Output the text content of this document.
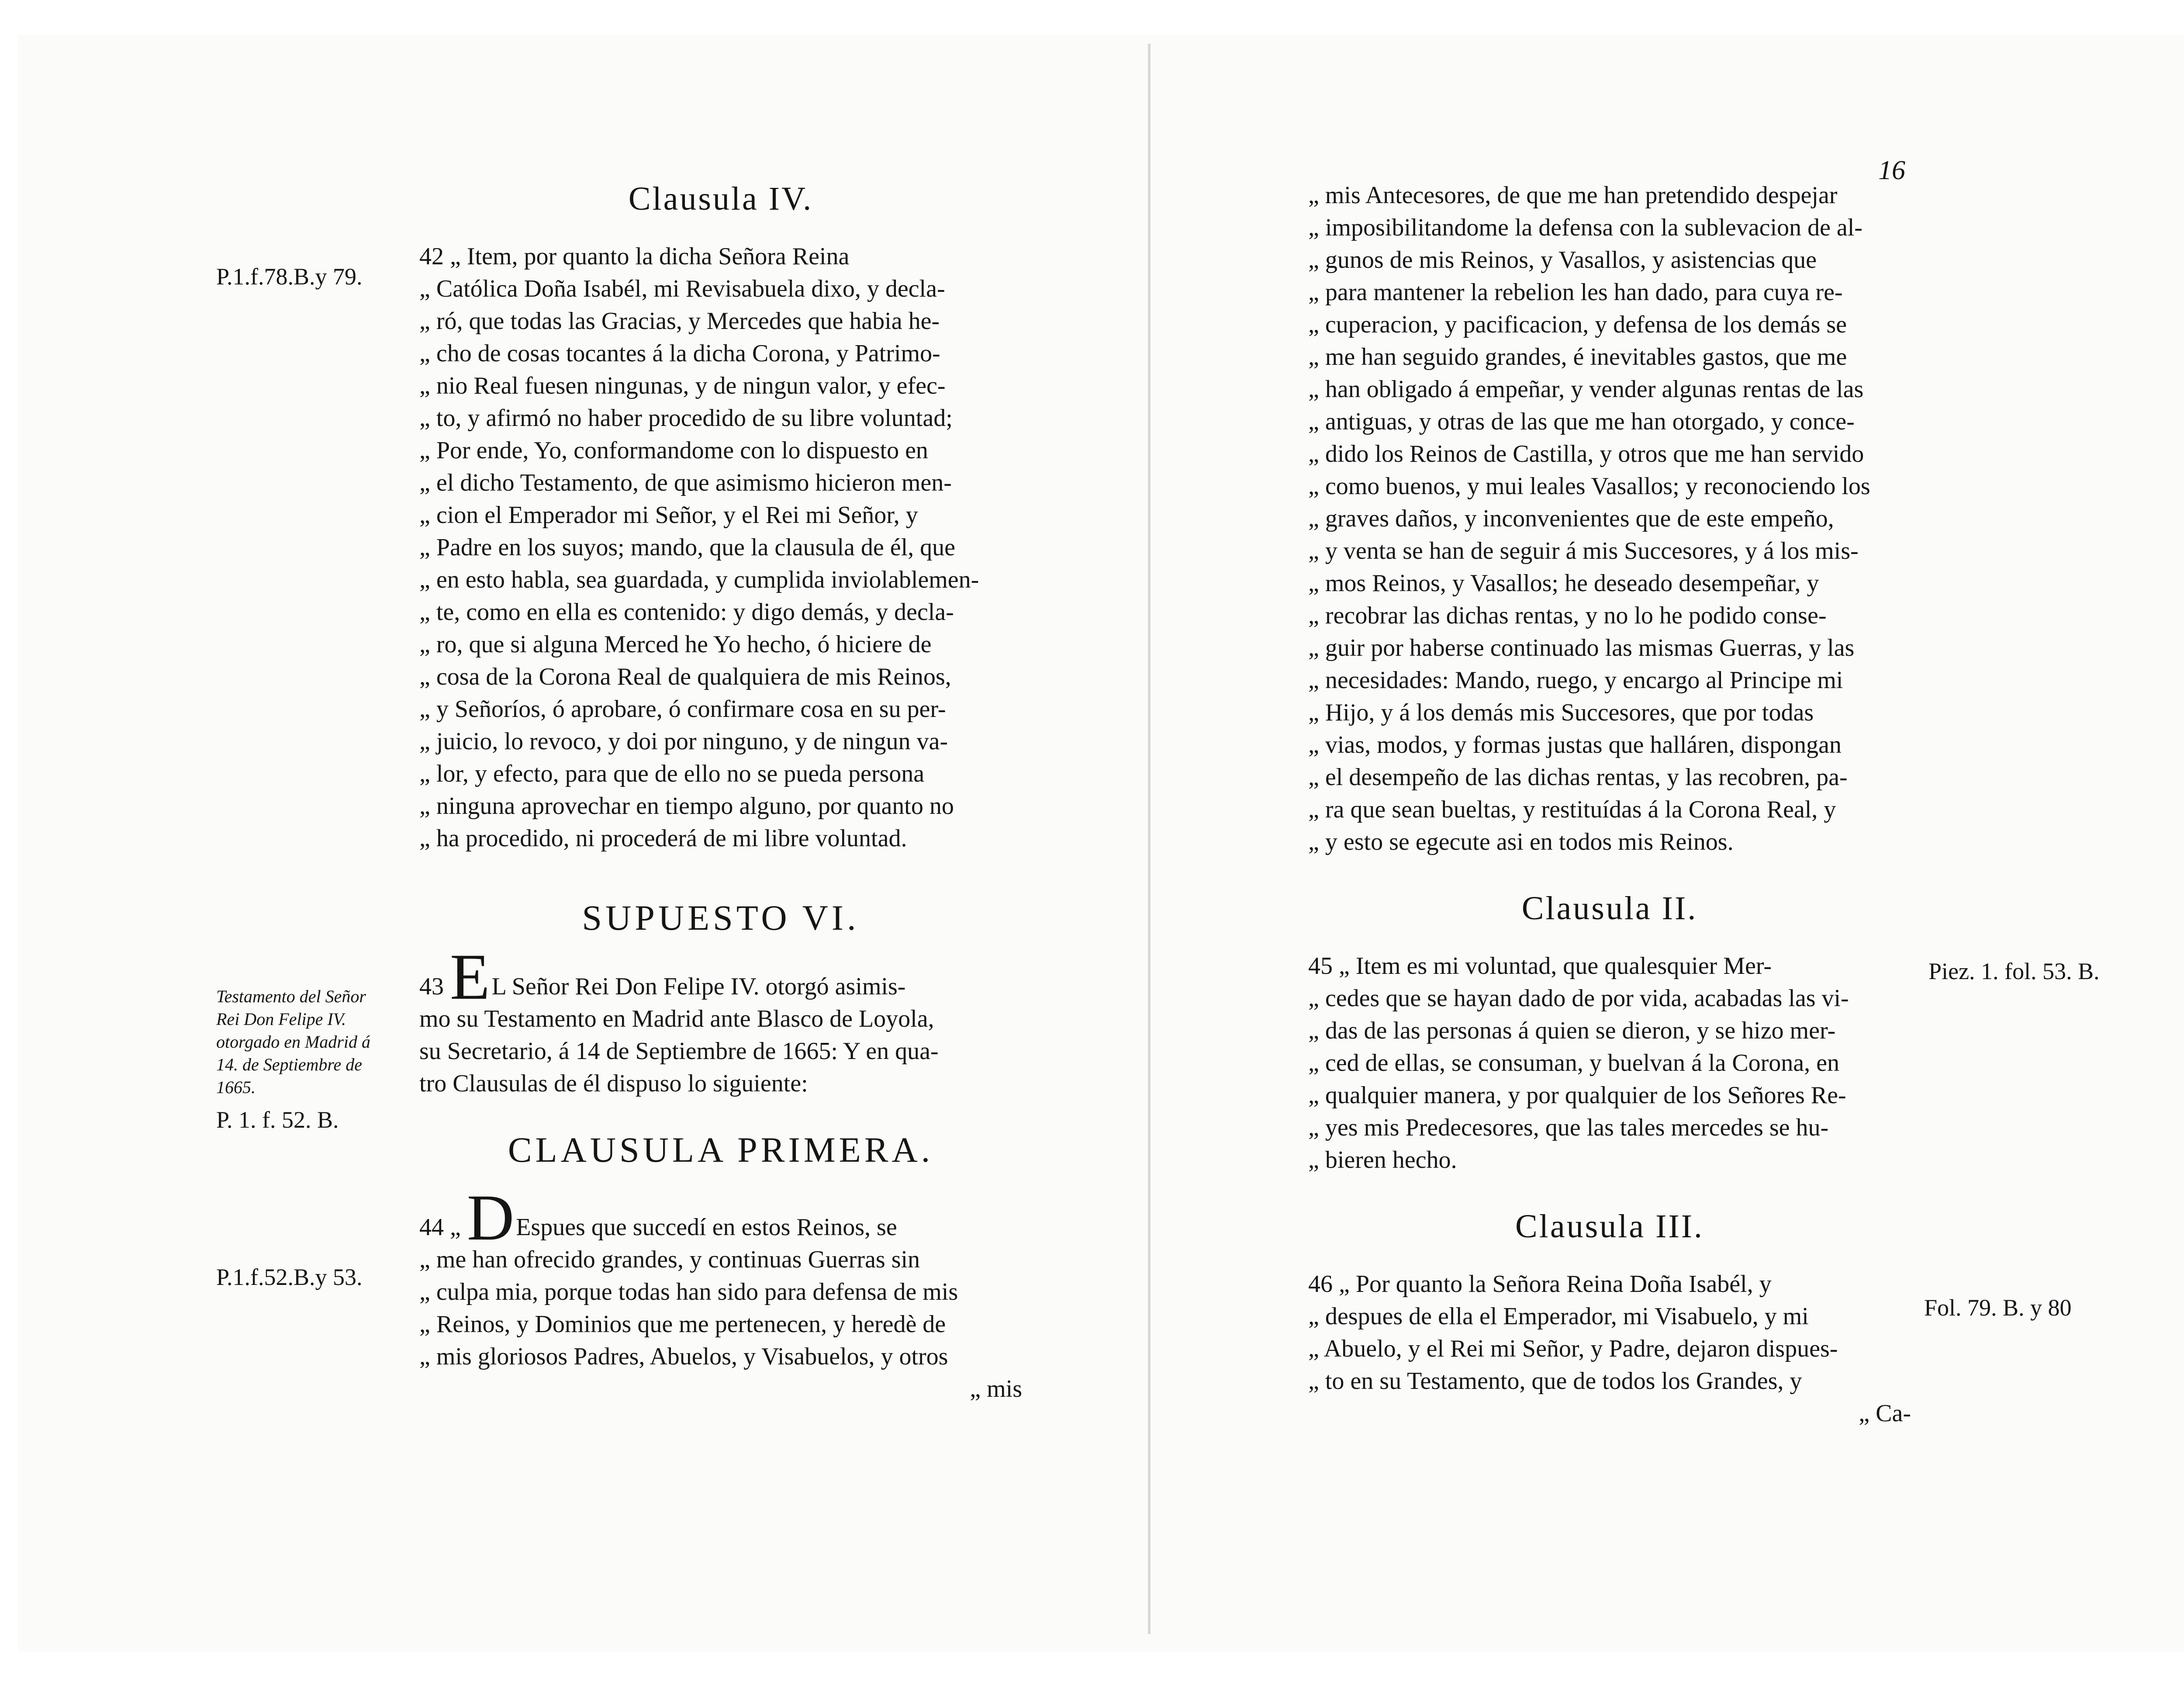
P.1.f.78.B.y 79.
Testamento del Señor
Rei Don Felipe IV.
otorgado en Madrid á
14. de Septiembre de
1665.
P. 1. f. 52. B.
P.1.f.52.B.y 53.
Clausula IV.
42 „ Item, por quanto la dicha Señora Reina
„ Católica Doña Isabél, mi Revisabuela dixo, y decla-
„ ró, que todas las Gracias, y Mercedes que habia he-
„ cho de cosas tocantes á la dicha Corona, y Patrimo-
„ nio Real fuesen ningunas, y de ningun valor, y efec-
„ to, y afirmó no haber procedido de su libre voluntad;
„ Por ende, Yo, conformandome con lo dispuesto en
„ el dicho Testamento, de que asimismo hicieron men-
„ cion el Emperador mi Señor, y el Rei mi Señor, y
„ Padre en los suyos; mando, que la clausula de él, que
„ en esto habla, sea guardada, y cumplida inviolablemen-
„ te, como en ella es contenido: y digo demás, y decla-
„ ro, que si alguna Merced he Yo hecho, ó hiciere de
„ cosa de la Corona Real de qualquiera de mis Reinos,
„ y Señoríos, ó aprobare, ó confirmare cosa en su per-
„ juicio, lo revoco, y doi por ninguno, y de ningun va-
„ lor, y efecto, para que de ello no se pueda persona
„ ninguna aprovechar en tiempo alguno, por quanto no
„ ha procedido, ni procederá de mi libre voluntad.
SUPUESTO VI.
43 EL Señor Rei Don Felipe IV. otorgó asimis-
mo su Testamento en Madrid ante Blasco de Loyola,
su Secretario, á 14 de Septiembre de 1665: Y en qua-
tro Clausulas de él dispuso lo siguiente:
CLAUSULA PRIMERA.
44 „ DEspues que succedí en estos Reinos, se
„ me han ofrecido grandes, y continuas Guerras sin
„ culpa mia, porque todas han sido para defensa de mis
„ Reinos, y Dominios que me pertenecen, y heredè de
„ mis gloriosos Padres, Abuelos, y Visabuelos, y otros
„ mis
16
Piez. 1. fol. 53. B.
Fol. 79. B. y 80
„ mis Antecesores, de que me han pretendido despejar
„ imposibilitandome la defensa con la sublevacion de al-
„ gunos de mis Reinos, y Vasallos, y asistencias que
„ para mantener la rebelion les han dado, para cuya re-
„ cuperacion, y pacificacion, y defensa de los demás se
„ me han seguido grandes, é inevitables gastos, que me
„ han obligado á empeñar, y vender algunas rentas de las
„ antiguas, y otras de las que me han otorgado, y conce-
„ dido los Reinos de Castilla, y otros que me han servido
„ como buenos, y mui leales Vasallos; y reconociendo los
„ graves daños, y inconvenientes que de este empeño,
„ y venta se han de seguir á mis Succesores, y á los mis-
„ mos Reinos, y Vasallos; he deseado desempeñar, y
„ recobrar las dichas rentas, y no lo he podido conse-
„ guir por haberse continuado las mismas Guerras, y las
„ necesidades: Mando, ruego, y encargo al Principe mi
„ Hijo, y á los demás mis Succesores, que por todas
„ vias, modos, y formas justas que halláren, dispongan
„ el desempeño de las dichas rentas, y las recobren, pa-
„ ra que sean bueltas, y restituídas á la Corona Real, y
„ y esto se egecute asi en todos mis Reinos.
Clausula II.
45 „ Item es mi voluntad, que qualesquier Mer-
„ cedes que se hayan dado de por vida, acabadas las vi-
„ das de las personas á quien se dieron, y se hizo mer-
„ ced de ellas, se consuman, y buelvan á la Corona, en
„ qualquier manera, y por qualquier de los Señores Re-
„ yes mis Predecesores, que las tales mercedes se hu-
„ bieren hecho.
Clausula III.
46 „ Por quanto la Señora Reina Doña Isabél, y
„ despues de ella el Emperador, mi Visabuelo, y mi
„ Abuelo, y el Rei mi Señor, y Padre, dejaron dispues-
„ to en su Testamento, que de todos los Grandes, y
„ Ca-
